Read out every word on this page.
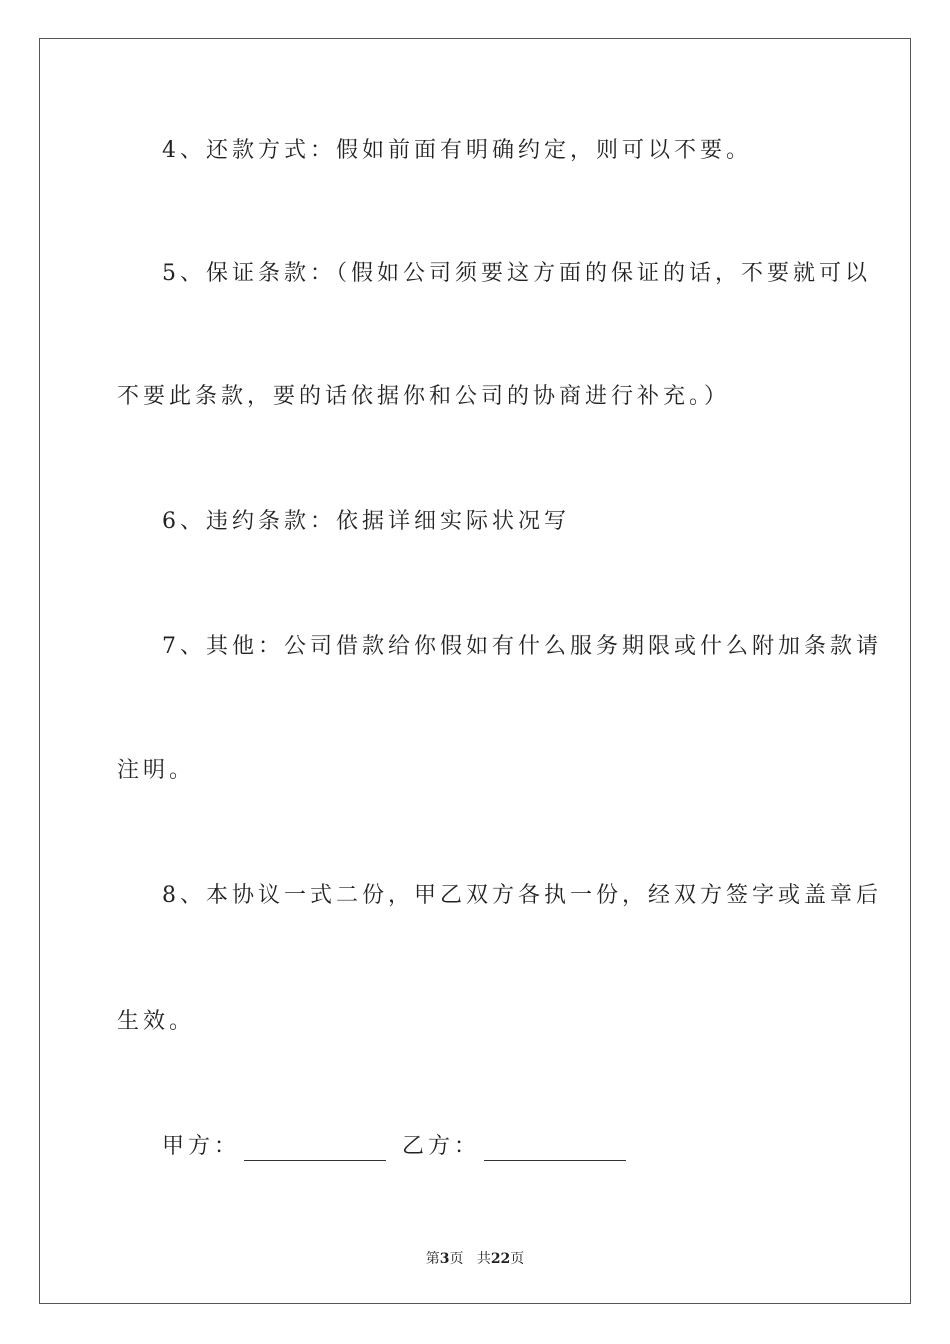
4、还款方式：假如前面有明确约定，则可以不要。
5、保证条款：（假如公司须要这方面的保证的话，不要就可以
不要此条款，要的话依据你和公司的协商进行补充。）
6、违约条款：依据详细实际状况写
7、其他：公司借款给你假如有什么服务期限或什么附加条款请
注明。
8、本协议一式二份，甲乙双方各执一份，经双方签字或盖章后
生效。
甲方：	乙方：
第3页 共22页
